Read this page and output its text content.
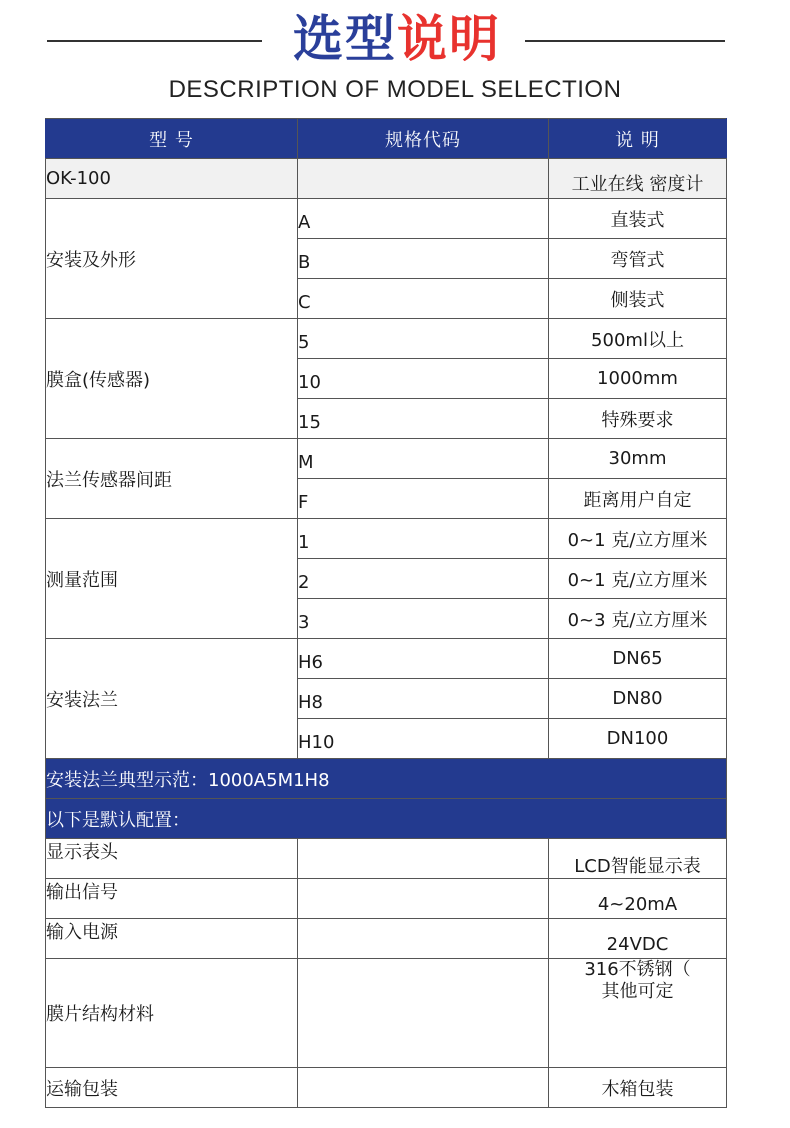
选型说明
DESCRIPTION OF MODEL SELECTION
型 号	规格代码	说 明
OK-100		工业在线 密度计
安装及外形	A	直装式
	B	弯管式
	C	侧装式
膜盒(传感器)	5	500ml以上
	10	1000mm
	15	特殊要求
法兰传感器间距	M	30mm
	F	距离用户自定
测量范围	1	0~1 克/立方厘米
	2	0~1 克/立方厘米
	3	0~3 克/立方厘米
安装法兰	H6	DN65
	H8	DN80
	H10	DN100
安装法兰典型示范：1000A5M1H8		
以下是默认配置：		
显示表头		LCD智能显示表
输出信号		4~20mA
输入电源		24VDC
膜片结构材料		316不锈钢（
其他可定

运输包装		木箱包装
